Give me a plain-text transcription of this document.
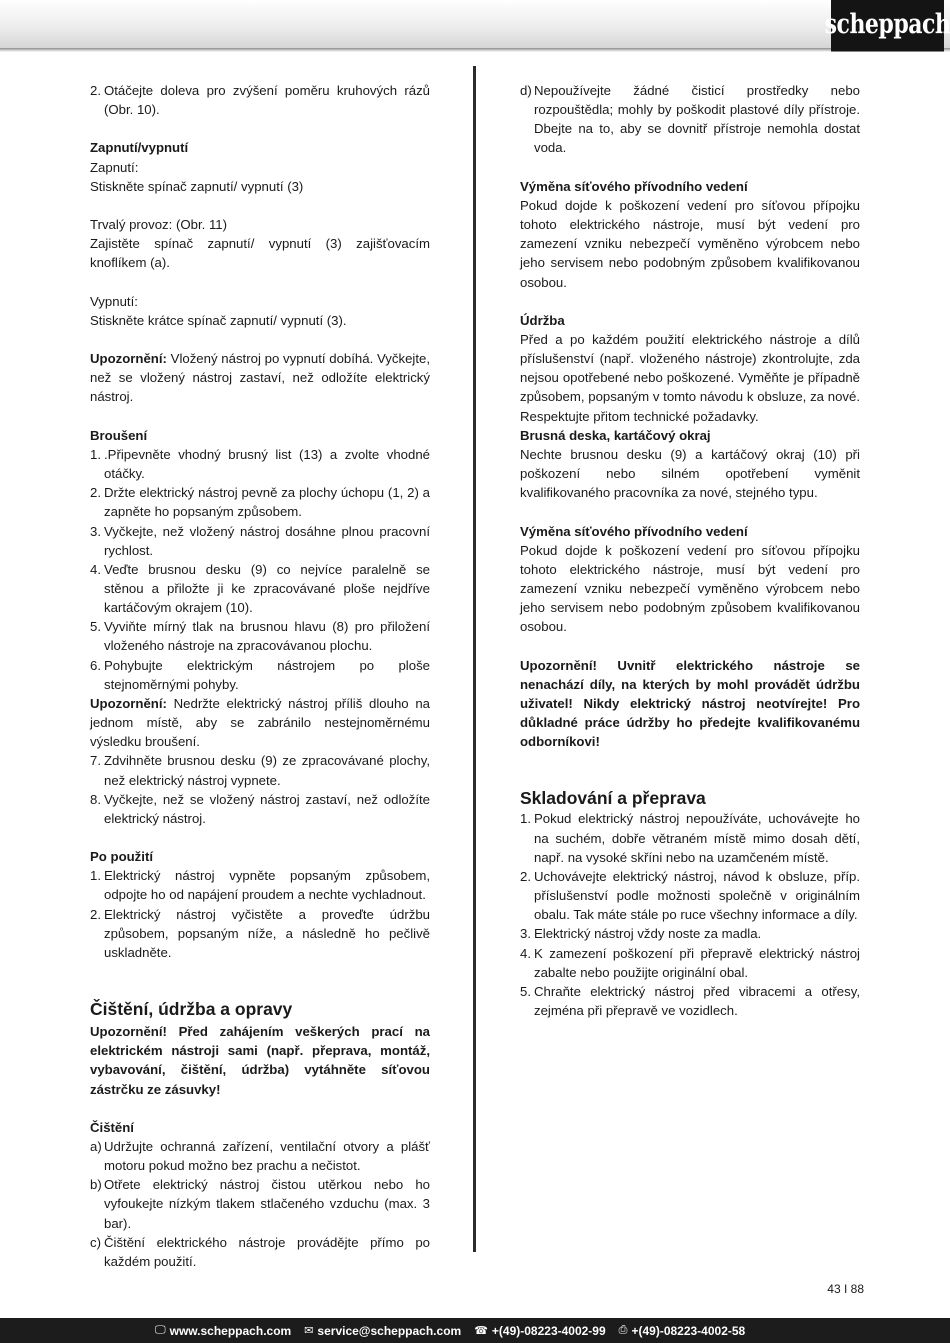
scheppach
2. Otáčejte doleva pro zvýšení poměru kruhových rázů (Obr. 10).
Zapnutí/vypnutí
Zapnutí:
Stiskněte spínač zapnutí/ vypnutí (3)
Trvalý provoz: (Obr. 11)
Zajistěte spínač zapnutí/ vypnutí (3) zajišťovacím knoflíkem (a).
Vypnutí:
Stiskněte krátce spínač zapnutí/ vypnutí (3).
Upozornění: Vložený nástroj po vypnutí dobíhá. Vyčkejte, než se vložený nástroj zastaví, než odložíte elektrický nástroj.
Broušení
1. .Připevněte vhodný brusný list (13) a zvolte vhodné otáčky.
2. Držte elektrický nástroj pevně za plochy úchopu (1, 2) a zapněte ho popsaným způsobem.
3. Vyčkejte, než vložený nástroj dosáhne plnou pracovní rychlost.
4. Veďte brusnou desku (9) co nejvíce paralelně se stěnou a přiložte ji ke zpracovávané ploše nejdříve kartáčovým okrajem (10).
5. Vyviňte mírný tlak na brusnou hlavu (8) pro přiložení vloženého nástroje na zpracovávanou plochu.
6. Pohybujte elektrickým nástrojem po ploše stejnoměrnými pohyby.
Upozornění: Nedržte elektrický nástroj příliš dlouho na jednom místě, aby se zabránilo nestejnoměrnému výsledku broušení.
7. Zdvihněte brusnou desku (9) ze zpracovávané plochy, než elektrický nástroj vypnete.
8. Vyčkejte, než se vložený nástroj zastaví, než odložíte elektrický nástroj.
Po použití
1. Elektrický nástroj vypněte popsaným způsobem, odpojte ho od napájení proudem a nechte vychladnout.
2. Elektrický nástroj vyčistěte a proveďte údržbu způsobem, popsaným níže, a následně ho pečlivě uskladněte.
Čištění, údržba a opravy
Upozornění! Před zahájením veškerých prací na elektrickém nástroji sami (např. přeprava, montáž, vybavování, čištění, údržba) vytáhněte síťovou zástrčku ze zásuvky!
Čištění
a) Udržujte ochranná zařízení, ventilační otvory a plášť motoru pokud možno bez prachu a nečistot.
b) Otřete elektrický nástroj čistou utěrkou nebo ho vyfoukejte nízkým tlakem stlačeného vzduchu (max. 3 bar).
c) Čištění elektrického nástroje provádějte přímo po každém použití.
d) Nepoužívejte žádné čisticí prostředky nebo rozpouštědla; mohly by poškodit plastové díly přístroje. Dbejte na to, aby se dovnitř přístroje nemohla dostat voda.
Výměna síťového přívodního vedení
Pokud dojde k poškození vedení pro síťovou přípojku tohoto elektrického nástroje, musí být vedení pro zamezení vzniku nebezpečí vyměněno výrobcem nebo jeho servisem nebo podobným způsobem kvalifikovanou osobou.
Údržba
Před a po každém použití elektrického nástroje a dílů příslušenství (např. vloženého nástroje) zkontrolujte, zda nejsou opotřebené nebo poškozené. Vyměňte je případně způsobem, popsaným v tomto návodu k obsluze, za nové. Respektujte přitom technické požadavky.
Brusná deska, kartáčový okraj
Nechte brusnou desku (9) a kartáčový okraj (10) při poškození nebo silném opotřebení vyměnit kvalifikovaného pracovníka za nové, stejného typu.
Výměna síťového přívodního vedení
Pokud dojde k poškození vedení pro síťovou přípojku tohoto elektrického nástroje, musí být vedení pro zamezení vzniku nebezpečí vyměněno výrobcem nebo jeho servisem nebo podobným způsobem kvalifikovanou osobou.
Upozornění! Uvnitř elektrického nástroje se nenachází díly, na kterých by mohl provádět údržbu uživatel! Nikdy elektrický nástroj neotvírejte! Pro důkladné práce údržby ho předejte kvalifikovanému odborníkovi!
Skladování a přeprava
1. Pokud elektrický nástroj nepoužíváte, uchovávejte ho na suchém, dobře větraném místě mimo dosah dětí, např. na vysoké skříni nebo na uzamčeném místě.
2. Uchovávejte elektrický nástroj, návod k obsluze, příp. příslušenství podle možnosti společně v originálním obalu. Tak máte stále po ruce všechny informace a díly.
3. Elektrický nástroj vždy noste za madla.
4. K zamezení poškození při přepravě elektrický nástroj zabalte nebo použijte originální obal.
5. Chraňte elektrický nástroj před vibracemi a otřesy, zejména při přepravě ve vozidlech.
43 I 88
🖵 www.scheppach.com ✉ service@scheppach.com ☎ +(49)-08223-4002-99 ⎙ +(49)-08223-4002-58
